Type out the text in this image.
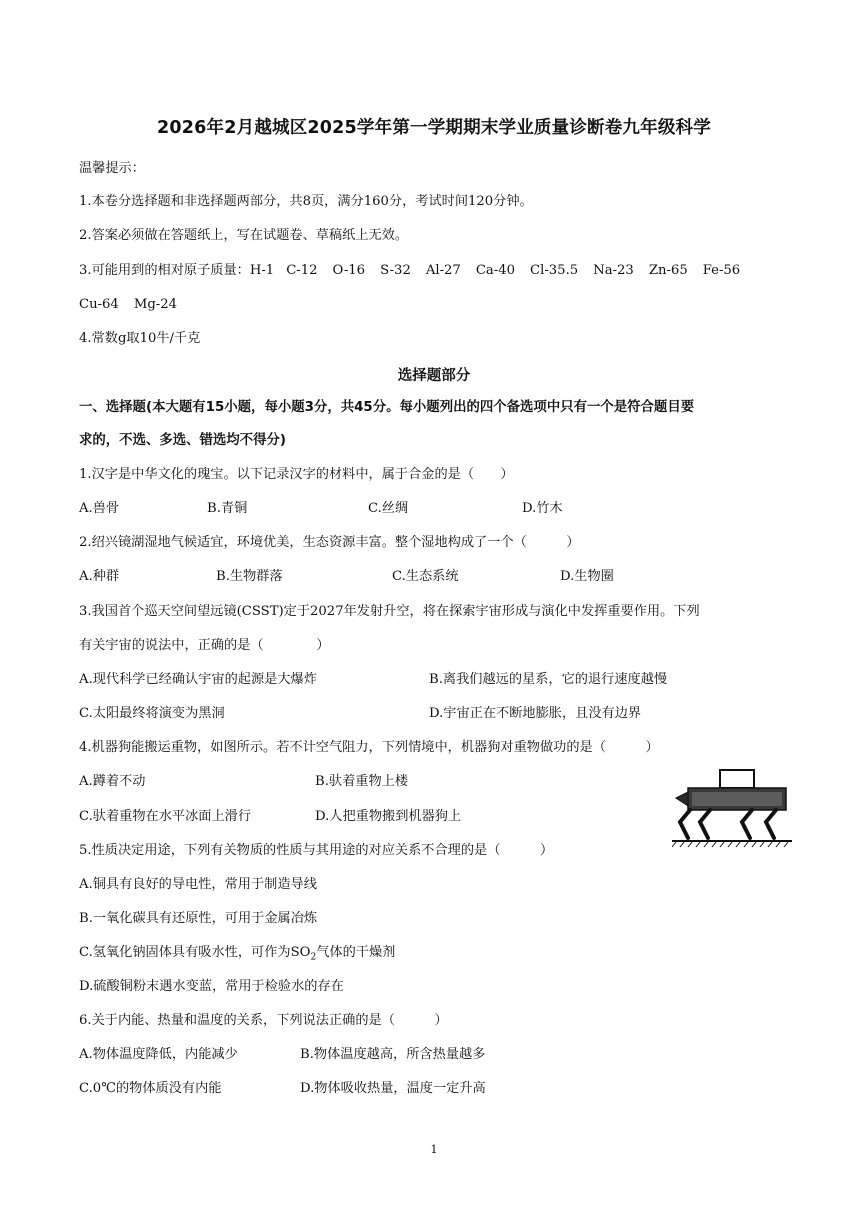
2026年2月越城区2025学年第一学期期末学业质量诊断卷九年级科学
温馨提示：
1.本卷分选择题和非选择题两部分，共8页，满分160分，考试时间120分钟。
2.答案必须做在答题纸上，写在试题卷、草稿纸上无效。
3.可能用到的相对原子质量：H-1 C-12 O-16 S-32 Al-27 Ca-40 Cl-35.5 Na-23 Zn-65 Fe-56
Cu-64 Mg-24
4.常数g取10牛/千克
选择题部分
一、选择题(本大题有15小题，每小题3分，共45分。每小题列出的四个备选项中只有一个是符合题目要
求的，不选、多选、错选均不得分)
1.汉字是中华文化的瑰宝。以下记录汉字的材料中，属于合金的是（　　）
A.兽骨	B.青铜	C.丝绸	D.竹木
2.绍兴镜湖湿地气候适宜，环境优美，生态资源丰富。整个湿地构成了一个（　　　）
A.种群	B.生物群落	C.生态系统	D.生物圈
3.我国首个巡天空间望远镜(CSST)定于2027年发射升空，将在探索宇宙形成与演化中发挥重要作用。下列
有关宇宙的说法中，正确的是（　　　　）
A.现代科学已经确认宇宙的起源是大爆炸	B.离我们越远的星系，它的退行速度越慢
C.太阳最终将演变为黑洞	D.宇宙正在不断地膨胀，且没有边界
4.机器狗能搬运重物，如图所示。若不计空气阻力，下列情境中，机器狗对重物做功的是（　　　）
A.蹲着不动	B.驮着重物上楼
C.驮着重物在水平冰面上滑行	D.人把重物搬到机器狗上
5.性质决定用途，下列有关物质的性质与其用途的对应关系不合理的是（　　　）
A.铜具有良好的导电性，常用于制造导线
B.一氧化碳具有还原性，可用于金属冶炼
C.氢氧化钠固体具有吸水性，可作为$SO_2$气体的干燥剂
D.硫酸铜粉末遇水变蓝，常用于检验水的存在
6.关于内能、热量和温度的关系，下列说法正确的是（　　　）
A.物体温度降低，内能减少	B.物体温度越高，所含热量越多
C.0℃的物体质没有内能	D.物体吸收热量，温度一定升高
1
